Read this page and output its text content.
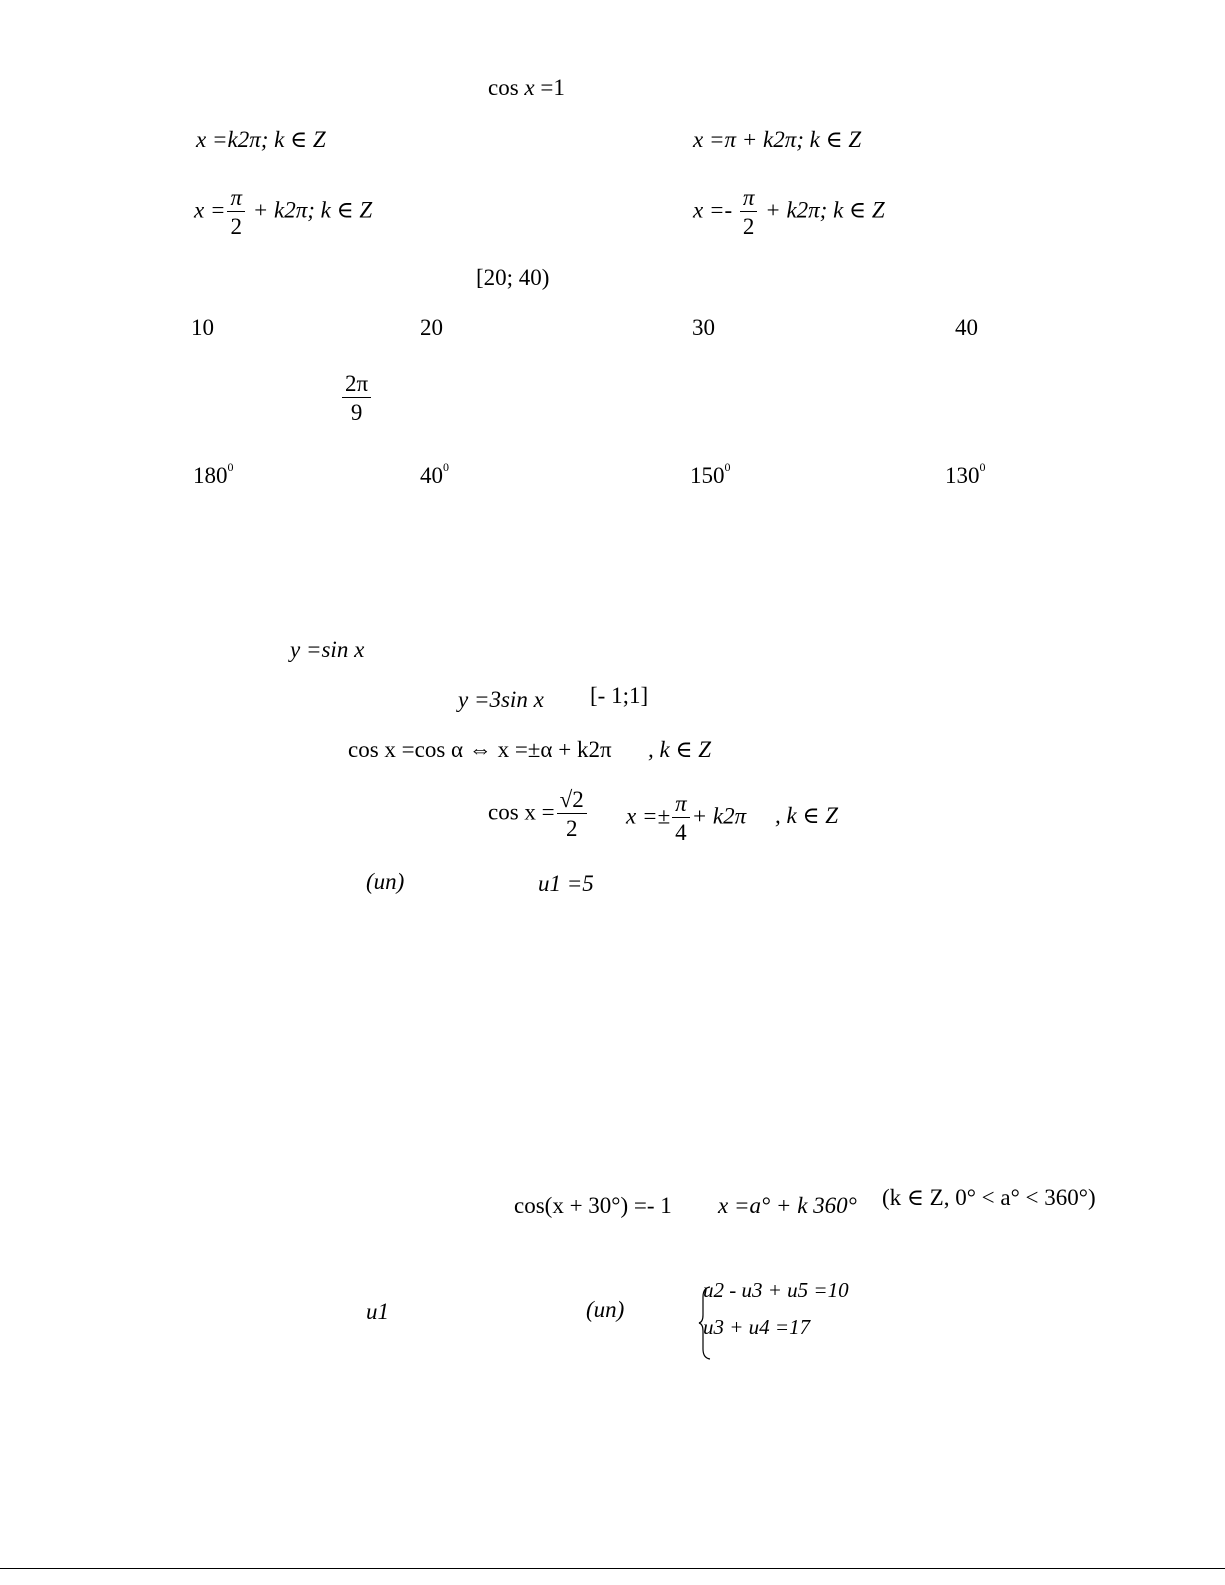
cos x =1
x =k2π; k ∈ Z	x =π + k2π; k ∈ Z
$x = \frac{\pi}{2} + k2\pi$; k ∈ Z	$x =- \frac{\pi}{2} + k2\pi$; k ∈ Z
[20; 40)
10	20	30	40
$\frac{2\pi}{9}$
$180^0$	$40^0$	$150^0$	$130^0$
y =sin x
y =3sin x [- 1;1]
cos x =cos α ⇔ x =±α + k2π , k ∈ Z
$\cos x = \frac{√2}{2}$ $x =\pm \frac{\pi}{4} + k2\pi$ , k ∈ Z
(un)	u1 =5
cos(x + 30°) =- 1 x =a° + k 360° (k ∈ Z, 0° < a° < 360°)
u1	(un)
u2 - u3 + u5 =10
u3 + u4 =17
